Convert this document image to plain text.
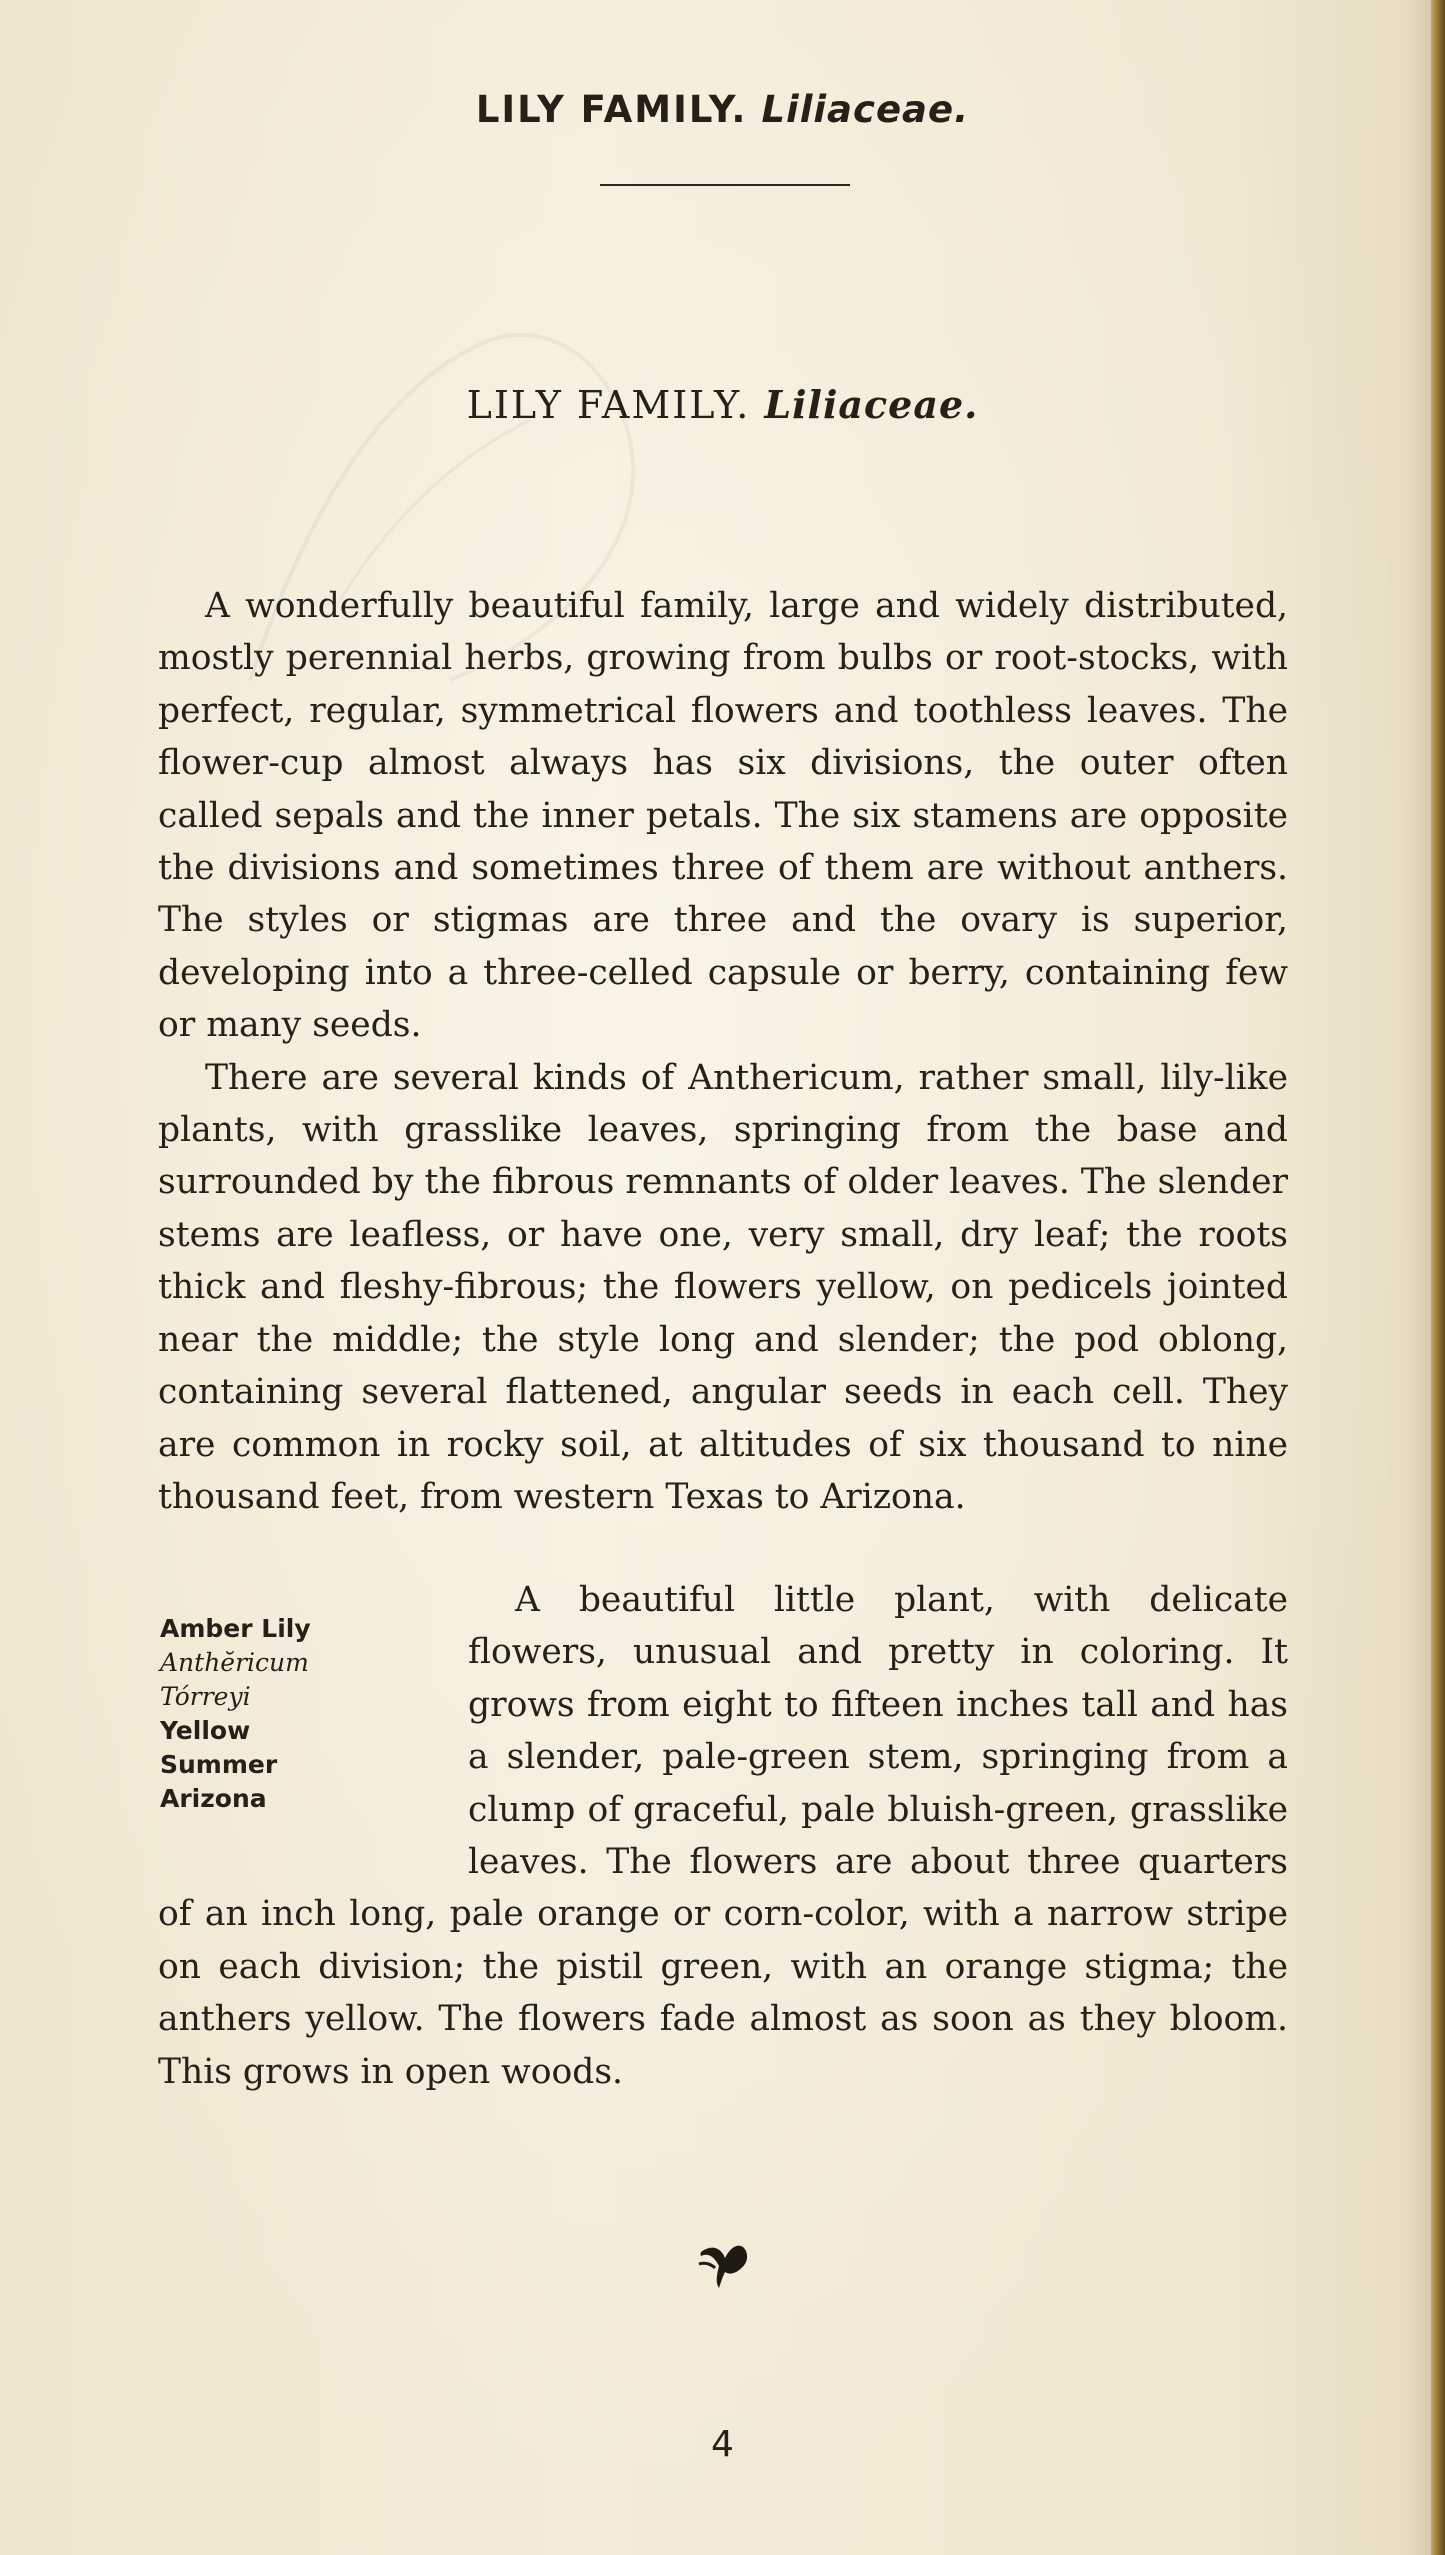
LILY FAMILY. Liliaceae.
LILY FAMILY. Liliaceae.

A wonderfully beautiful family, large and widely distributed, mostly perennial herbs, growing from bulbs or root-stocks, with perfect, regular, symmetrical flowers and toothless leaves. The flower-cup almost always has six divisions, the outer often called sepals and the inner petals. The six stamens are opposite the divisions and sometimes three of them are without anthers. The styles or stigmas are three and the ovary is superior, developing into a three-celled capsule or berry, containing few or many seeds.

There are several kinds of Anthericum, rather small, lily-like plants, with grasslike leaves, springing from the base and surrounded by the fibrous remnants of older leaves. The slender stems are leafless, or have one, very small, dry leaf; the roots thick and fleshy-fibrous; the flowers yellow, on pedicels jointed near the middle; the style long and slender; the pod oblong, containing several flattened, angular seeds in each cell. They are common in rocky soil, at altitudes of six thousand to nine thousand feet, from western Texas to Arizona.

A beautiful little plant, with delicate flowers, unusual and pretty in coloring. It grows from eight to fifteen inches tall and has a slender, pale-green stem, springing from a clump of graceful, pale bluish-green, grasslike leaves. The flowers are about three quarters of an inch long, pale orange or corn-color, with a narrow stripe on each division; the pistil green, with an orange stigma; the anthers yellow. The flowers fade almost as soon as they bloom. This grows in open woods.

Amber Lily
Anthĕricum
Tórreyi
Yellow
Summer
Arizona
4
